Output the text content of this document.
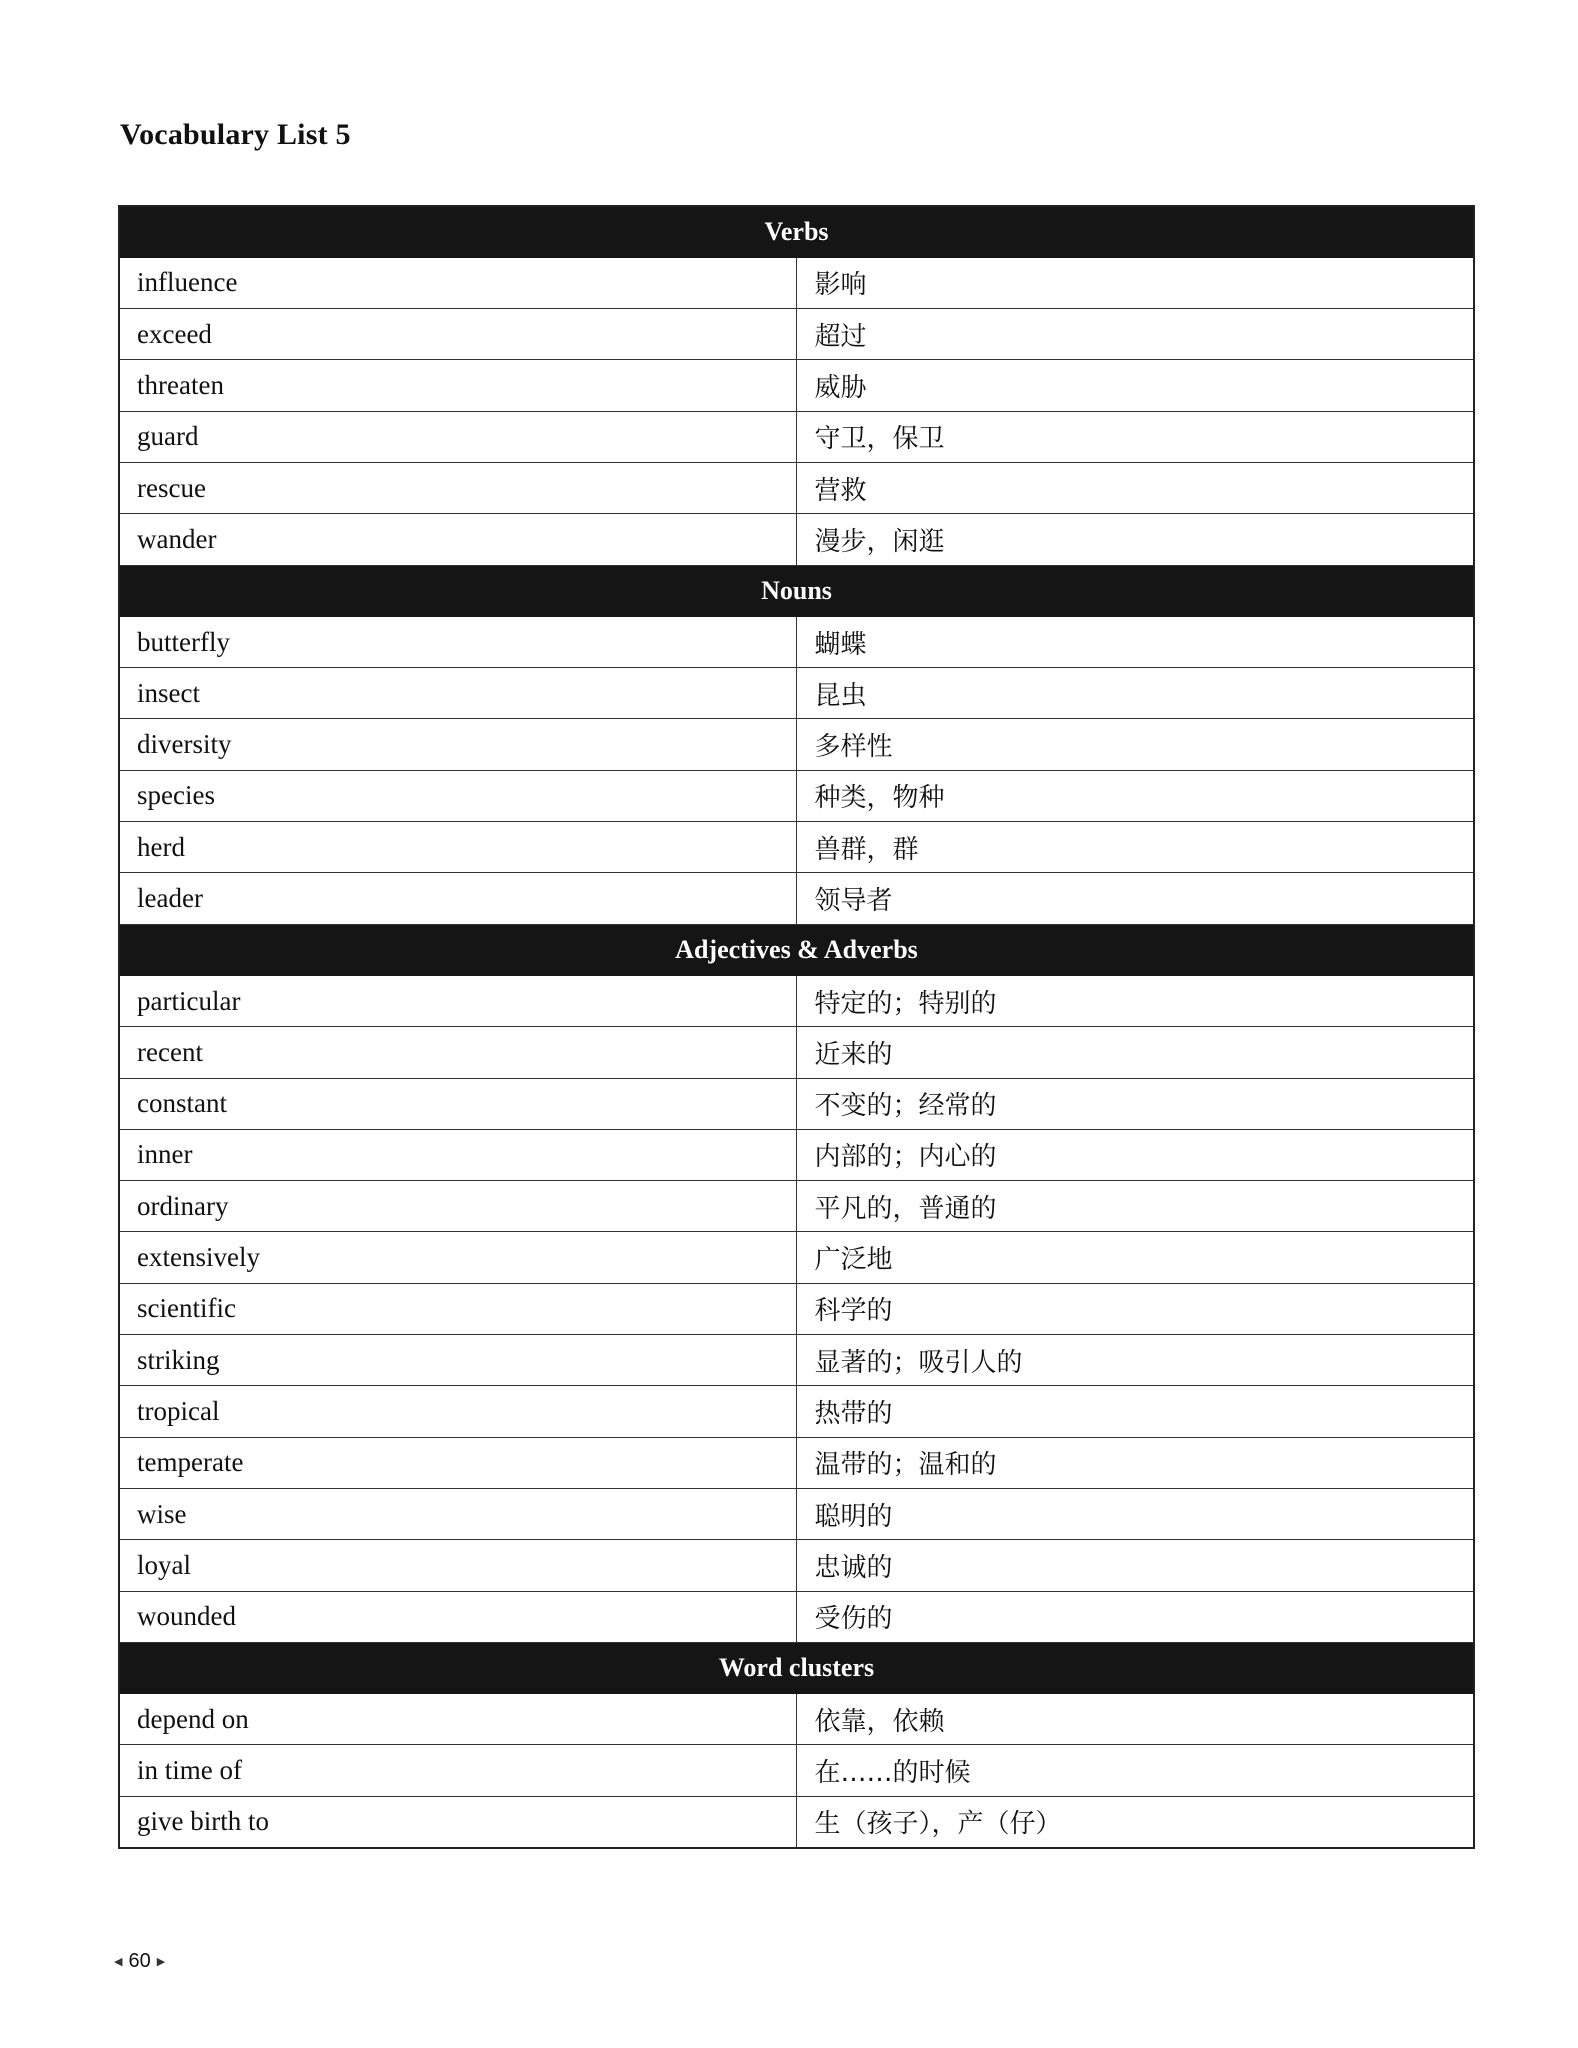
Vocabulary List 5
Verbs	
influence	影响
exceed	超过
threaten	威胁
guard	守卫，保卫
rescue	营救
wander	漫步，闲逛
Nouns	
butterfly	蝴蝶
insect	昆虫
diversity	多样性
species	种类，物种
herd	兽群，群
leader	领导者
Adjectives & Adverbs	
particular	特定的；特别的
recent	近来的
constant	不变的；经常的
inner	内部的；内心的
ordinary	平凡的，普通的
extensively	广泛地
scientific	科学的
striking	显著的；吸引人的
tropical	热带的
temperate	温带的；温和的
wise	聪明的
loyal	忠诚的
wounded	受伤的
Word clusters	
depend on	依靠，依赖
in time of	在……的时候
give birth to	生（孩子），产（仔）
◀ 60 ▶
